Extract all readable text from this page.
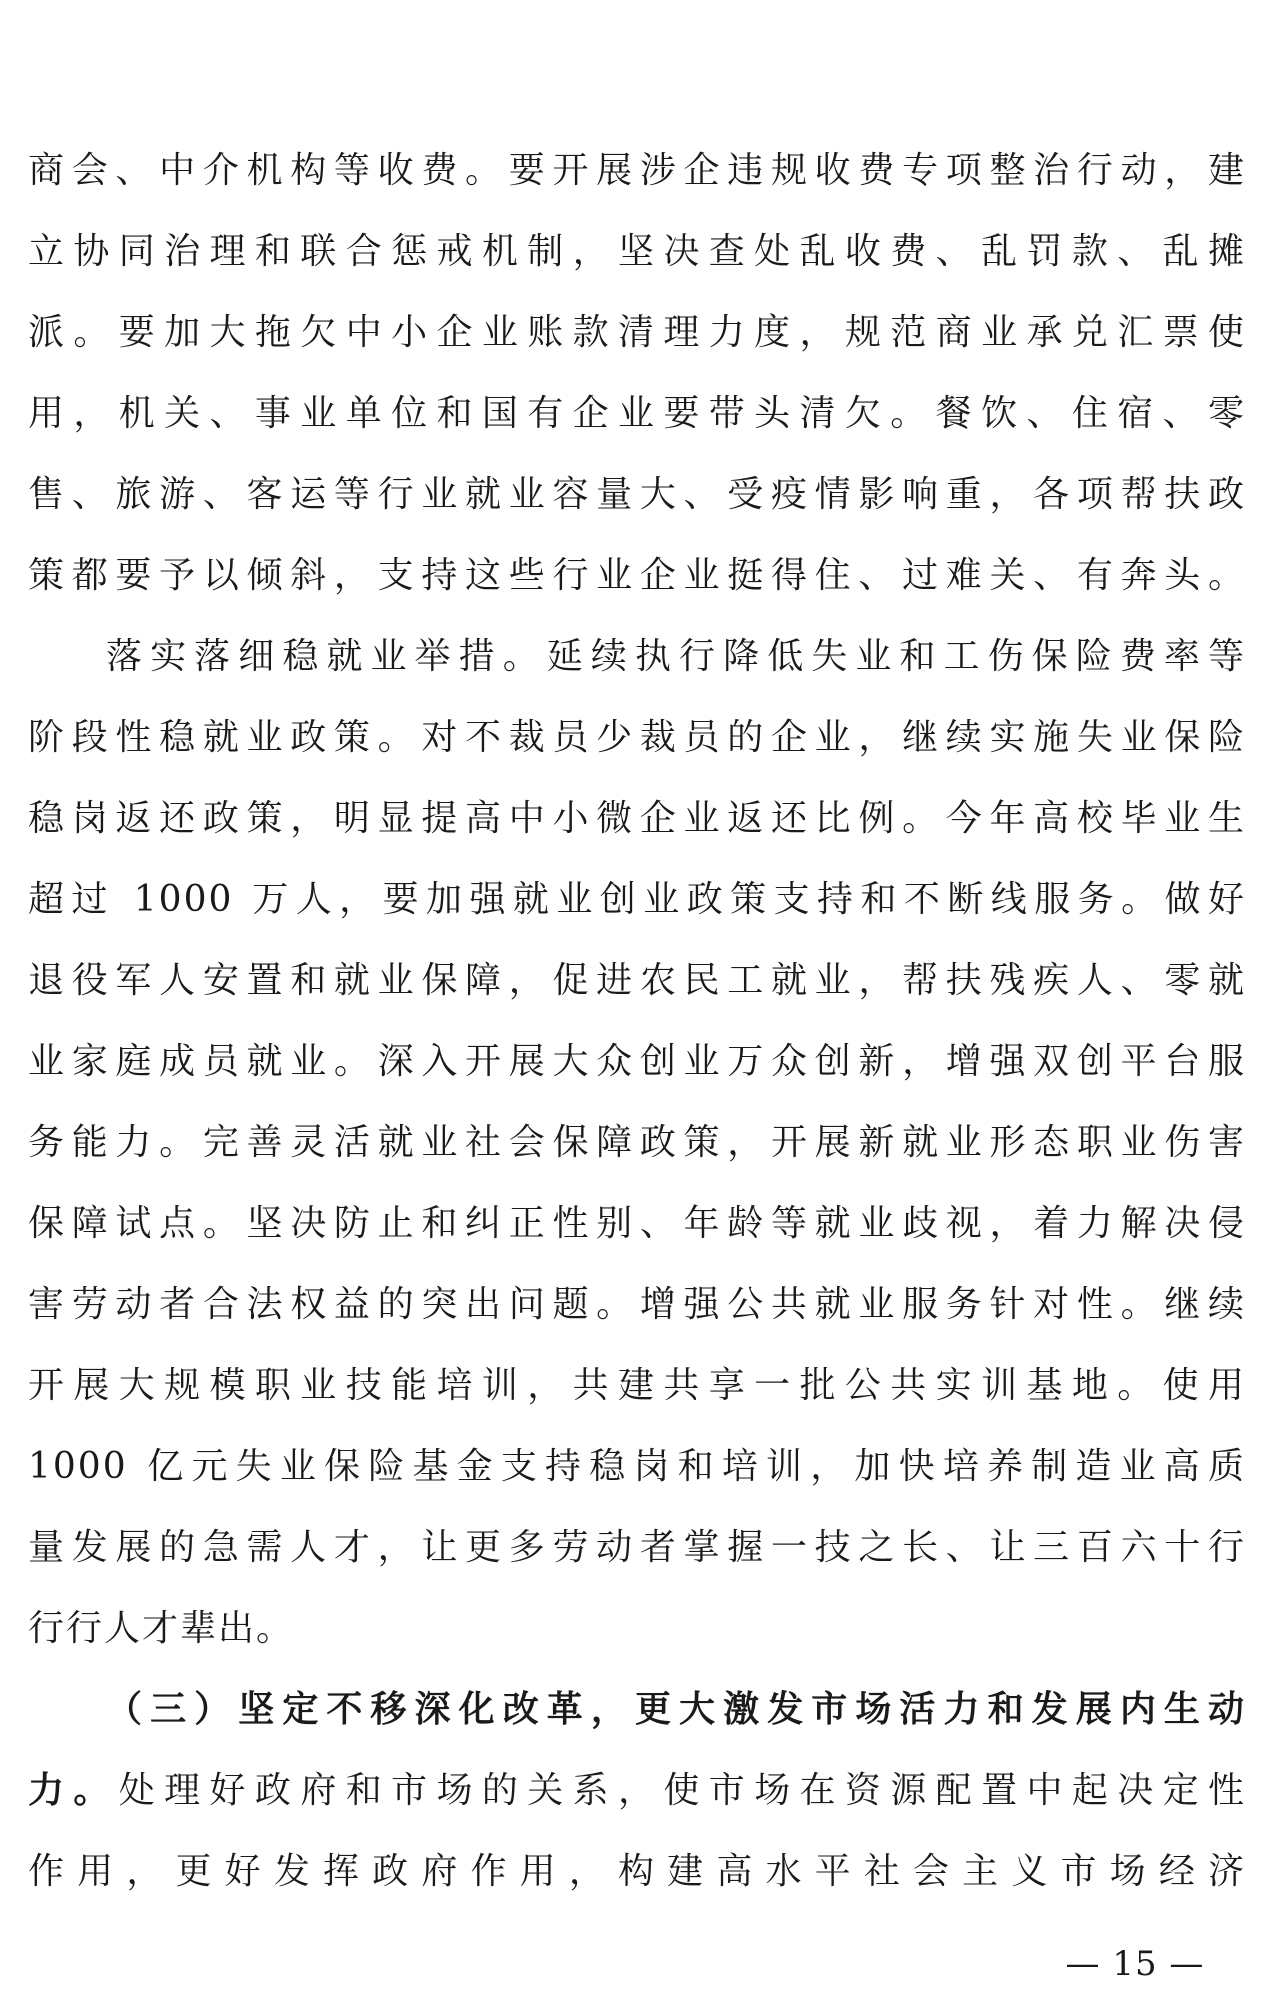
商会、中介机构等收费。要开展涉企违规收费专项整治行动，建
立协同治理和联合惩戒机制，坚决查处乱收费、乱罚款、乱摊
派。要加大拖欠中小企业账款清理力度，规范商业承兑汇票使
用，机关、事业单位和国有企业要带头清欠。餐饮、住宿、零
售、旅游、客运等行业就业容量大、受疫情影响重，各项帮扶政
策都要予以倾斜，支持这些行业企业挺得住、过难关、有奔头。
落实落细稳就业举措。延续执行降低失业和工伤保险费率等
阶段性稳就业政策。对不裁员少裁员的企业，继续实施失业保险
稳岗返还政策，明显提高中小微企业返还比例。今年高校毕业生
超过 1000 万人，要加强就业创业政策支持和不断线服务。做好
退役军人安置和就业保障，促进农民工就业，帮扶残疾人、零就
业家庭成员就业。深入开展大众创业万众创新，增强双创平台服
务能力。完善灵活就业社会保障政策，开展新就业形态职业伤害
保障试点。坚决防止和纠正性别、年龄等就业歧视，着力解决侵
害劳动者合法权益的突出问题。增强公共就业服务针对性。继续
开展大规模职业技能培训，共建共享一批公共实训基地。使用
1000 亿元失业保险基金支持稳岗和培训，加快培养制造业高质
量发展的急需人才，让更多劳动者掌握一技之长、让三百六十行
行行人才辈出。
（三）坚定不移深化改革，更大激发市场活力和发展内生动
力。处理好政府和市场的关系，使市场在资源配置中起决定性
作用，更好发挥政府作用，构建高水平社会主义市场经济
— 15 —
